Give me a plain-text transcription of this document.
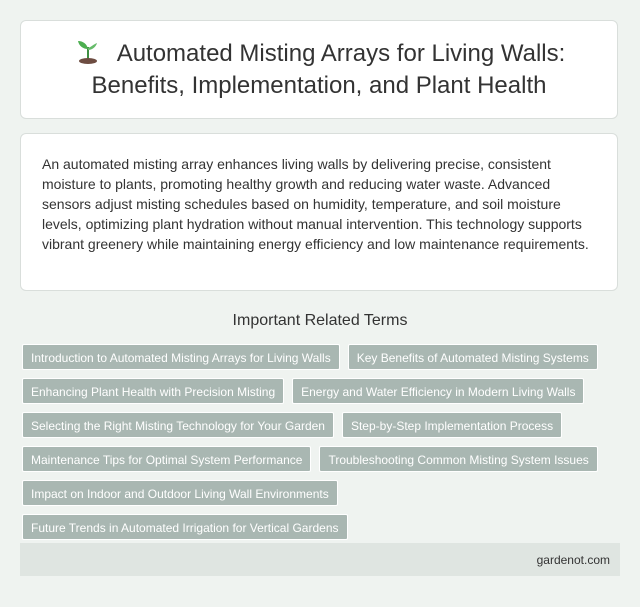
Automated Misting Arrays for Living Walls: Benefits, Implementation, and Plant Health

An automated misting array enhances living walls by delivering precise, consistent moisture to plants, promoting healthy growth and reducing water waste. Advanced sensors adjust misting schedules based on humidity, temperature, and soil moisture levels, optimizing plant hydration without manual intervention. This technology supports vibrant greenery while maintaining energy efficiency and low maintenance requirements.

Important Related Terms
Introduction to Automated Misting Arrays for Living Walls	Key Benefits of Automated Misting Systems
Enhancing Plant Health with Precision Misting	Energy and Water Efficiency in Modern Living Walls
Selecting the Right Misting Technology for Your Garden	Step-by-Step Implementation Process
Maintenance Tips for Optimal System Performance	Troubleshooting Common Misting System Issues
Impact on Indoor and Outdoor Living Wall Environments
Future Trends in Automated Irrigation for Vertical Gardens
gardenot.com
